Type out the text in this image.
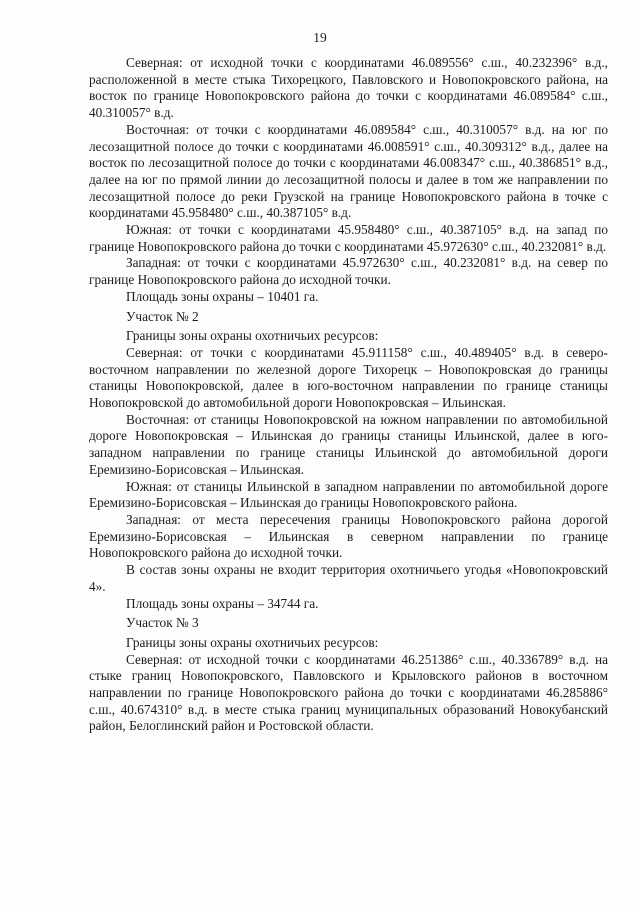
19

Северная: от исходной точки с координатами 46.089556° с.ш., 40.232396° в.д., расположенной в месте стыка Тихорецкого, Павловского и Новопокровского района, на восток по границе Новопокровского района до точки с координатами 46.089584° с.ш., 40.310057° в.д.

Восточная: от точки с координатами 46.089584° с.ш., 40.310057° в.д. на юг по лесозащитной полосе до точки с координатами 46.008591° с.ш., 40.309312° в.д., далее на восток по лесозащитной полосе до точки с координатами 46.008347° с.ш., 40.386851° в.д., далее на юг по прямой линии до лесозащитной полосы и далее в том же направлении по лесозащитной полосе до реки Грузской на границе Новопокровского района в точке с координатами 45.958480° с.ш., 40.387105° в.д.

Южная: от точки с координатами 45.958480° с.ш., 40.387105° в.д. на запад по границе Новопокровского района до точки с координатами 45.972630° с.ш., 40.232081° в.д.

Западная: от точки с координатами 45.972630° с.ш., 40.232081° в.д. на север по границе Новопокровского района до исходной точки.

Площадь зоны охраны – 10401 га.

Участок № 2

Границы зоны охраны охотничьих ресурсов:

Северная: от точки с координатами 45.911158° с.ш., 40.489405° в.д. в северо-восточном направлении по железной дороге Тихорецк – Новопокровская до границы станицы Новопокровской, далее в юго-восточном направлении по границе станицы Новопокровской до автомобильной дороги Новопокровская – Ильинская.

Восточная: от станицы Новопокровской на южном направлении по автомобильной дороге Новопокровская – Ильинская до границы станицы Ильинской, далее в юго-западном направлении по границе станицы Ильинской до автомобильной дороги Еремизино-Борисовская – Ильинская.

Южная: от станицы Ильинской в западном направлении по автомобильной дороге Еремизино-Борисовская – Ильинская до границы Новопокровского района.

Западная: от места пересечения границы Новопокровского района дорогой Еремизино-Борисовская – Ильинская в северном направлении по границе Новопокровского района до исходной точки.

В состав зоны охраны не входит территория охотничьего угодья «Новопокровский 4».

Площадь зоны охраны – 34744 га.

Участок № 3

Границы зоны охраны охотничьих ресурсов:

Северная: от исходной точки с координатами 46.251386° с.ш., 40.336789° в.д. на стыке границ Новопокровского, Павловского и Крыловского районов в восточном направлении по границе Новопокровского района до точки с координатами 46.285886° с.ш., 40.674310° в.д. в месте стыка границ муниципальных образований Новокубанский район, Белоглинский район и Ростовской области.
